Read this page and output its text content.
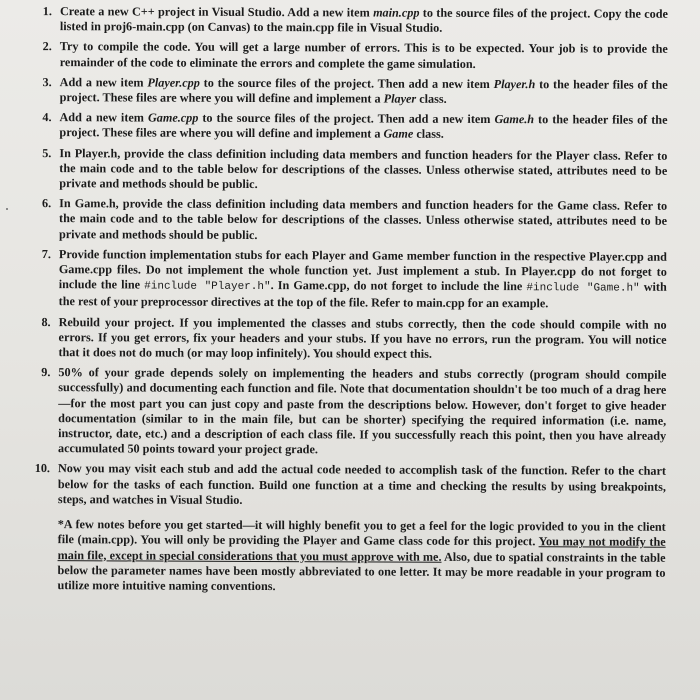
1. Create a new C++ project in Visual Studio. Add a new item main.cpp to the source files of the project. Copy the code listed in proj6-main.cpp (on Canvas) to the main.cpp file in Visual Studio.
2. Try to compile the code. You will get a large number of errors. This is to be expected. Your job is to provide the remainder of the code to eliminate the errors and complete the game simulation.
3. Add a new item Player.cpp to the source files of the project. Then add a new item Player.h to the header files of the project. These files are where you will define and implement a Player class.
4. Add a new item Game.cpp to the source files of the project. Then add a new item Game.h to the header files of the project. These files are where you will define and implement a Game class.
5. In Player.h, provide the class definition including data members and function headers for the Player class. Refer to the main code and to the table below for descriptions of the classes. Unless otherwise stated, attributes need to be private and methods should be public.
6. In Game.h, provide the class definition including data members and function headers for the Game class. Refer to the main code and to the table below for descriptions of the classes. Unless otherwise stated, attributes need to be private and methods should be public.
7. Provide function implementation stubs for each Player and Game member function in the respective Player.cpp and Game.cpp files. Do not implement the whole function yet. Just implement a stub. In Player.cpp do not forget to include the line #include "Player.h". In Game.cpp, do not forget to include the line #include "Game.h" with the rest of your preprocessor directives at the top of the file. Refer to main.cpp for an example.
8. Rebuild your project. If you implemented the classes and stubs correctly, then the code should compile with no errors. If you get errors, fix your headers and your stubs. If you have no errors, run the program. You will notice that it does not do much (or may loop infinitely). You should expect this.
9. 50% of your grade depends solely on implementing the headers and stubs correctly (program should compile successfully) and documenting each function and file. Note that documentation shouldn't be too much of a drag here—for the most part you can just copy and paste from the descriptions below. However, don't forget to give header documentation (similar to in the main file, but can be shorter) specifying the required information (i.e. name, instructor, date, etc.) and a description of each class file. If you successfully reach this point, then you have already accumulated 50 points toward your project grade.
10. Now you may visit each stub and add the actual code needed to accomplish task of the function. Refer to the chart below for the tasks of each function. Build one function at a time and checking the results by using breakpoints, steps, and watches in Visual Studio.
*A few notes before you get started—it will highly benefit you to get a feel for the logic provided to you in the client file (main.cpp). You will only be providing the Player and Game class code for this project. You may not modify the main file, except in special considerations that you must approve with me. Also, due to spatial constraints in the table below the parameter names have been mostly abbreviated to one letter. It may be more readable in your program to utilize more intuitive naming conventions.
